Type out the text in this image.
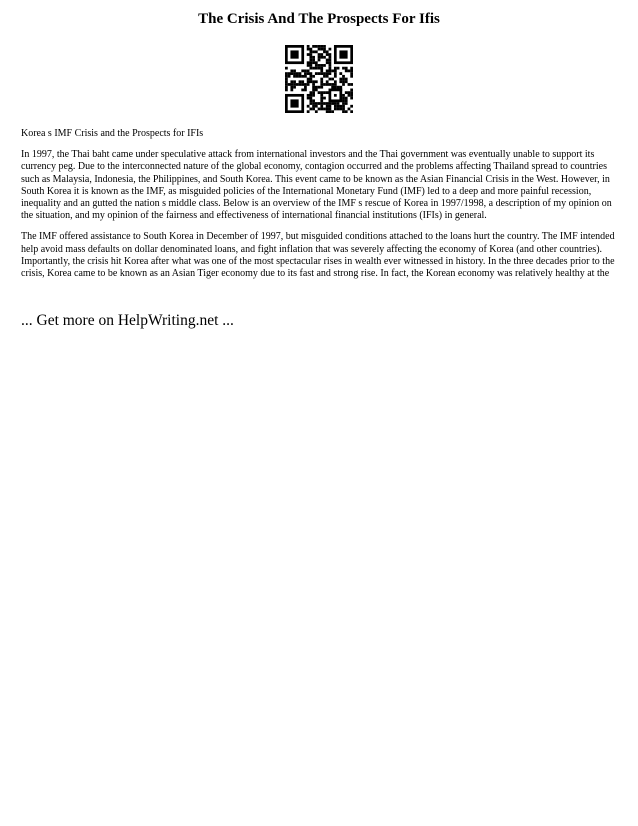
The Crisis And The Prospects For Ifis

Korea s IMF Crisis and the Prospects for IFIs

In 1997, the Thai baht came under speculative attack from international investors and the Thai government was eventually unable to support its currency peg. Due to the interconnected nature of the global economy, contagion occurred and the problems affecting Thailand spread to countries such as Malaysia, Indonesia, the Philippines, and South Korea. This event came to be known as the Asian Financial Crisis in the West. However, in South Korea it is known as the IMF, as misguided policies of the International Monetary Fund (IMF) led to a deep and more painful recession, inequality and an gutted the nation s middle class. Below is an overview of the IMF s rescue of Korea in 1997/1998, a description of my opinion on the situation, and my opinion of the fairness and effectiveness of international financial institutions (IFIs) in general.

The IMF offered assistance to South Korea in December of 1997, but misguided conditions attached to the loans hurt the country. The IMF intended help avoid mass defaults on dollar denominated loans, and fight inflation that was severely affecting the economy of Korea (and other countries). Importantly, the crisis hit Korea after what was one of the most spectacular rises in wealth ever witnessed in history. In the three decades prior to the crisis, Korea came to be known as an Asian Tiger economy due to its fast and strong rise. In fact, the Korean economy was relatively healthy at the

... Get more on HelpWriting.net ...
